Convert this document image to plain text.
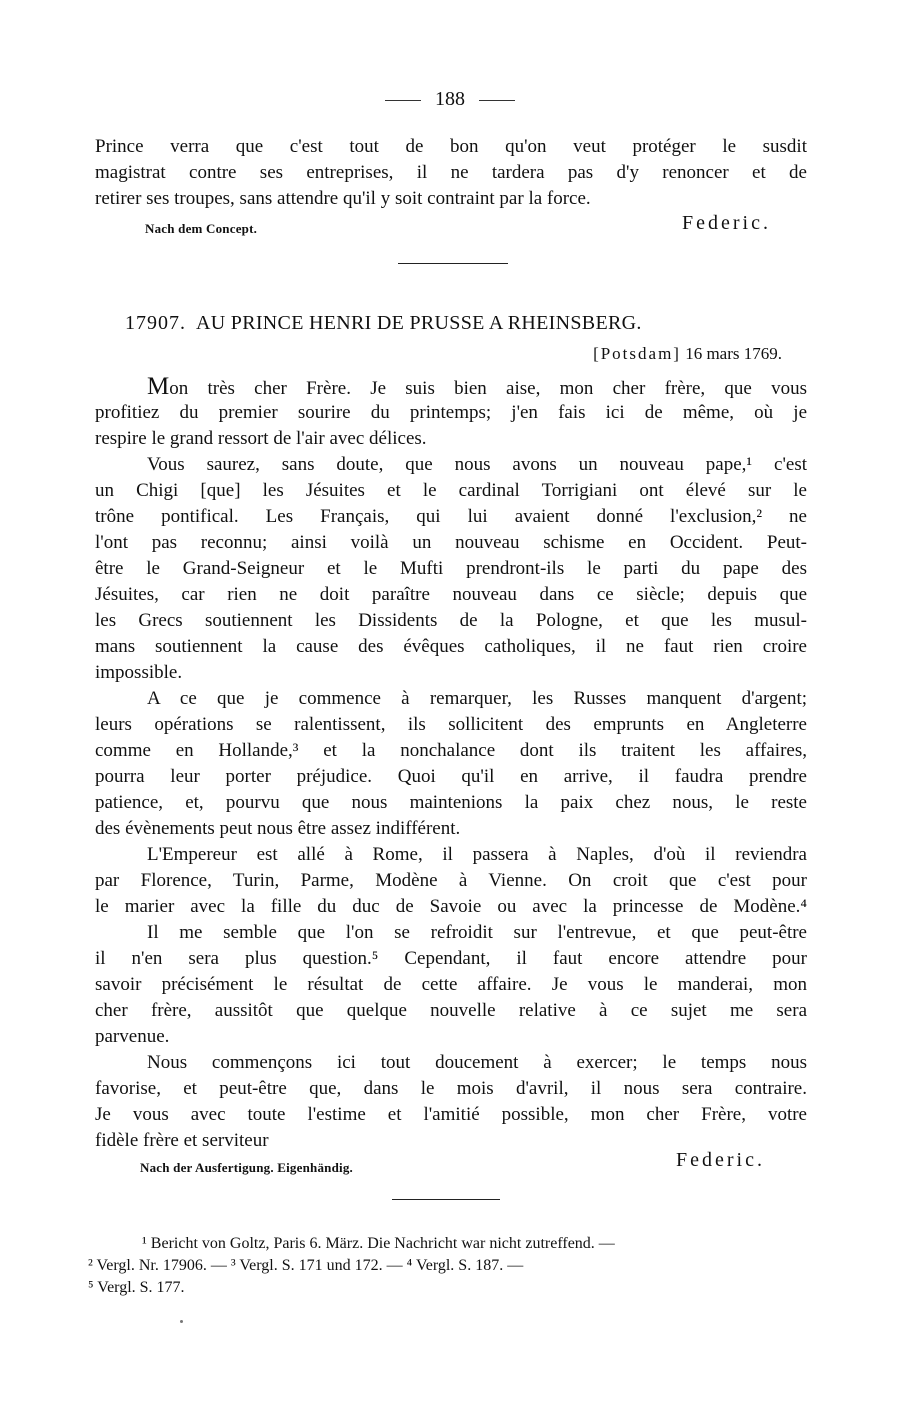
188
Prince verra que c'est tout de bon qu'on veut protéger le susdit
magistrat contre ses entreprises, il ne tardera pas d'y renoncer et de
retirer ses troupes, sans attendre qu'il y soit contraint par la force.
Nach dem Concept.	Federic.
17907. AU PRINCE HENRI DE PRUSSE A RHEINSBERG.
[Potsdam] 16 mars 1769.
Mon très cher Frère. Je suis bien aise, mon cher frère, que vous
profitiez du premier sourire du printemps; j'en fais ici de même, où je
respire le grand ressort de l'air avec délices.
Vous saurez, sans doute, que nous avons un nouveau pape,¹ c'est
un Chigi [que] les Jésuites et le cardinal Torrigiani ont élevé sur le
trône pontifical. Les Français, qui lui avaient donné l'exclusion,² ne
l'ont pas reconnu; ainsi voilà un nouveau schisme en Occident. Peut-
être le Grand-Seigneur et le Mufti prendront-ils le parti du pape des
Jésuites, car rien ne doit paraître nouveau dans ce siècle; depuis que
les Grecs soutiennent les Dissidents de la Pologne, et que les musul-
mans soutiennent la cause des évêques catholiques, il ne faut rien croire
impossible.
A ce que je commence à remarquer, les Russes manquent d'argent;
leurs opérations se ralentissent, ils sollicitent des emprunts en Angleterre
comme en Hollande,³ et la nonchalance dont ils traitent les affaires,
pourra leur porter préjudice. Quoi qu'il en arrive, il faudra prendre
patience, et, pourvu que nous maintenions la paix chez nous, le reste
des évènements peut nous être assez indifférent.
L'Empereur est allé à Rome, il passera à Naples, d'où il reviendra
par Florence, Turin, Parme, Modène à Vienne. On croit que c'est pour
le marier avec la fille du duc de Savoie ou avec la princesse de Modène.⁴
Il me semble que l'on se refroidit sur l'entrevue, et que peut-être
il n'en sera plus question.⁵ Cependant, il faut encore attendre pour
savoir précisément le résultat de cette affaire. Je vous le manderai, mon
cher frère, aussitôt que quelque nouvelle relative à ce sujet me sera
parvenue.
Nous commençons ici tout doucement à exercer; le temps nous
favorise, et peut-être que, dans le mois d'avril, il nous sera contraire.
Je vous avec toute l'estime et l'amitié possible, mon cher Frère, votre
fidèle frère et serviteur
Nach der Ausfertigung. Eigenhändig.	Federic.
¹ Bericht von Goltz, Paris 6. März. Die Nachricht war nicht zutreffend. —
² Vergl. Nr. 17906. — ³ Vergl. S. 171 und 172. — ⁴ Vergl. S. 187. —
⁵ Vergl. S. 177.
